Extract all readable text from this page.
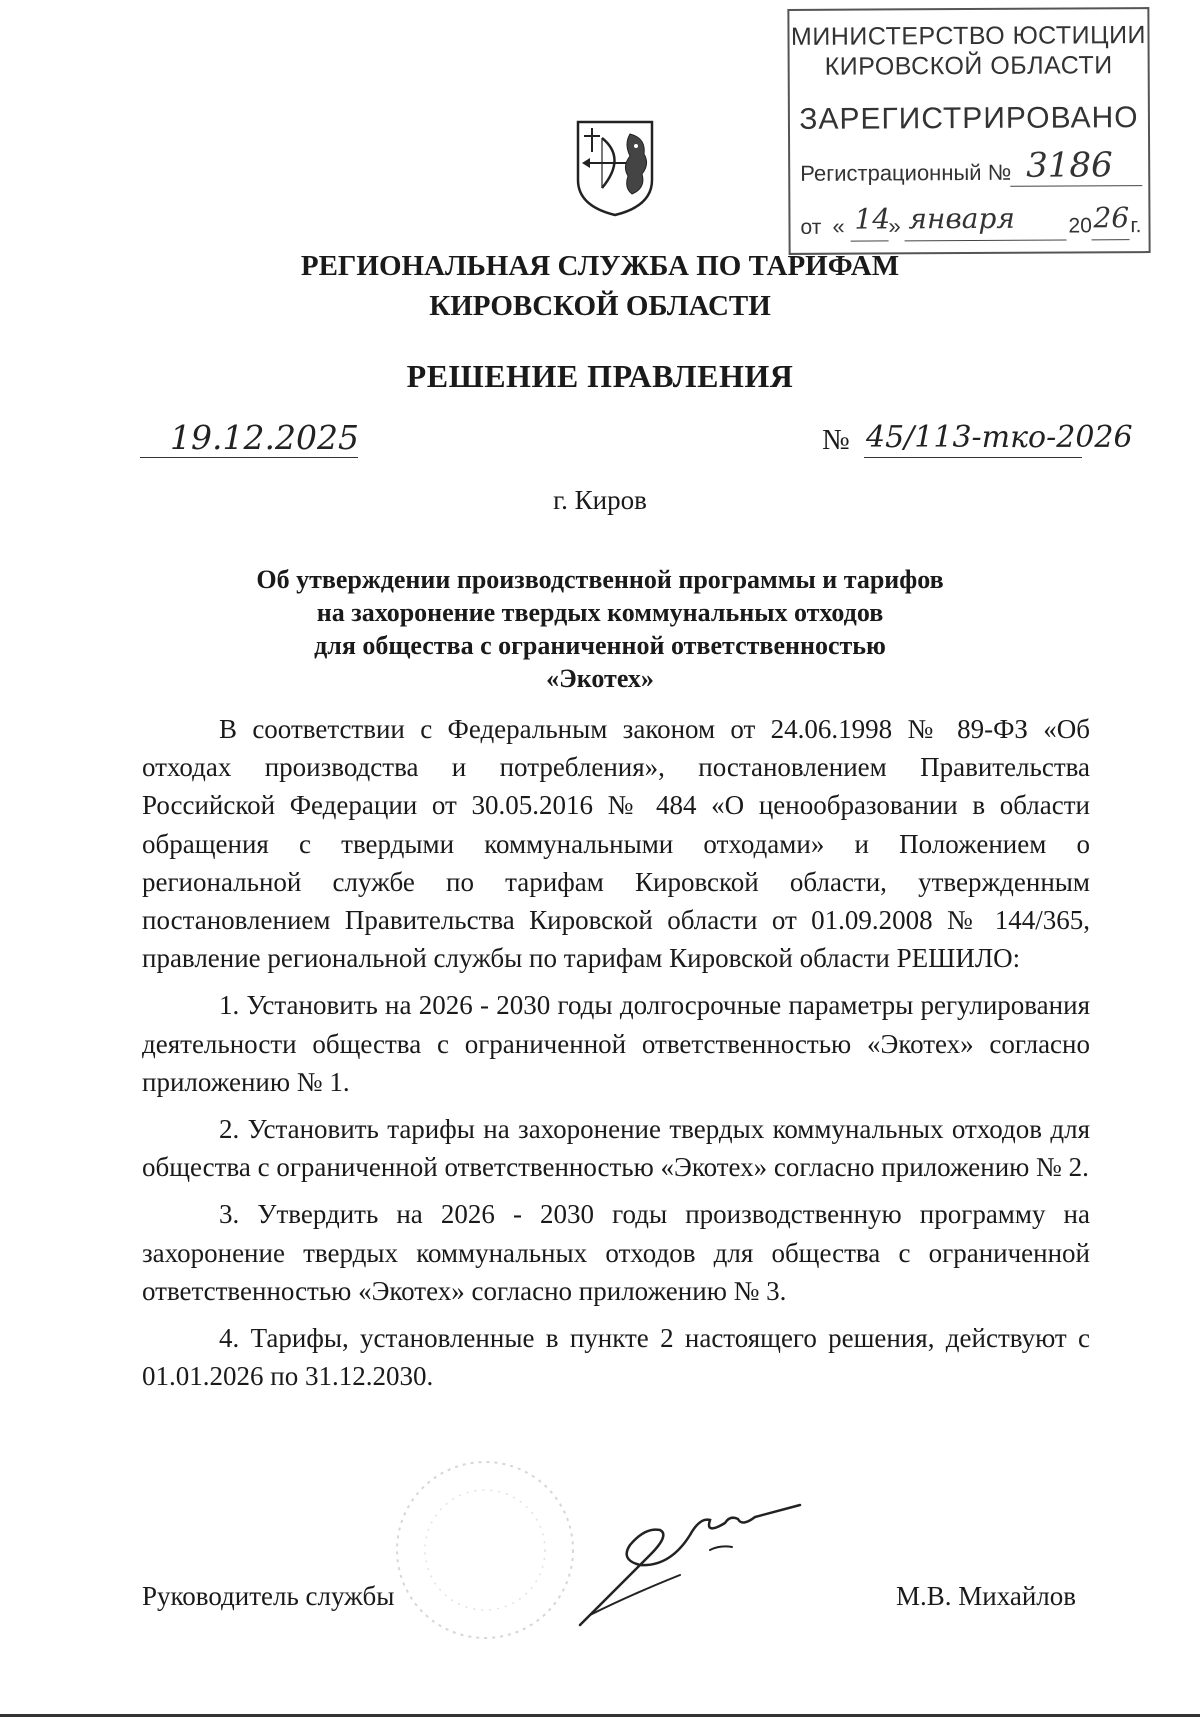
МИНИСТЕРСТВО ЮСТИЦИИ
КИРОВСКОЙ ОБЛАСТИ
ЗАРЕГИСТРИРОВАНО
Регистрационный № 3186
от « 14
» января	20 26 г.
РЕГИОНАЛЬНАЯ СЛУЖБА ПО ТАРИФАМ
КИРОВСКОЙ ОБЛАСТИ
РЕШЕНИЕ ПРАВЛЕНИЯ
19.12.2025	№ 45/113-тко-2026
г. Киров
Об утверждении производственной программы и тарифов
на захоронение твердых коммунальных отходов
для общества с ограниченной ответственностью
«Экотех»

В соответствии с Федеральным законом от 24.06.1998 № 89-ФЗ «Об отходах производства и потребления», постановлением Правительства Российской Федерации от 30.05.2016 № 484 «О ценообразовании в области обращения с твердыми коммунальными отходами» и Положением о региональной службе по тарифам Кировской области, утвержденным постановлением Правительства Кировской области от 01.09.2008 № 144/365, правление региональной службы по тарифам Кировской области РЕШИЛО:

1. Установить на 2026 - 2030 годы долгосрочные параметры регулирования деятельности общества с ограниченной ответственностью «Экотех» согласно приложению № 1.

2. Установить тарифы на захоронение твердых коммунальных отходов для общества с ограниченной ответственностью «Экотех» согласно приложению № 2.

3. Утвердить на 2026 - 2030 годы производственную программу на захоронение твердых коммунальных отходов для общества с ограниченной ответственностью «Экотех» согласно приложению № 3.

4. Тарифы, установленные в пункте 2 настоящего решения, действуют с 01.01.2026 по 31.12.2030.

Руководитель службы	М.В. Михайлов
